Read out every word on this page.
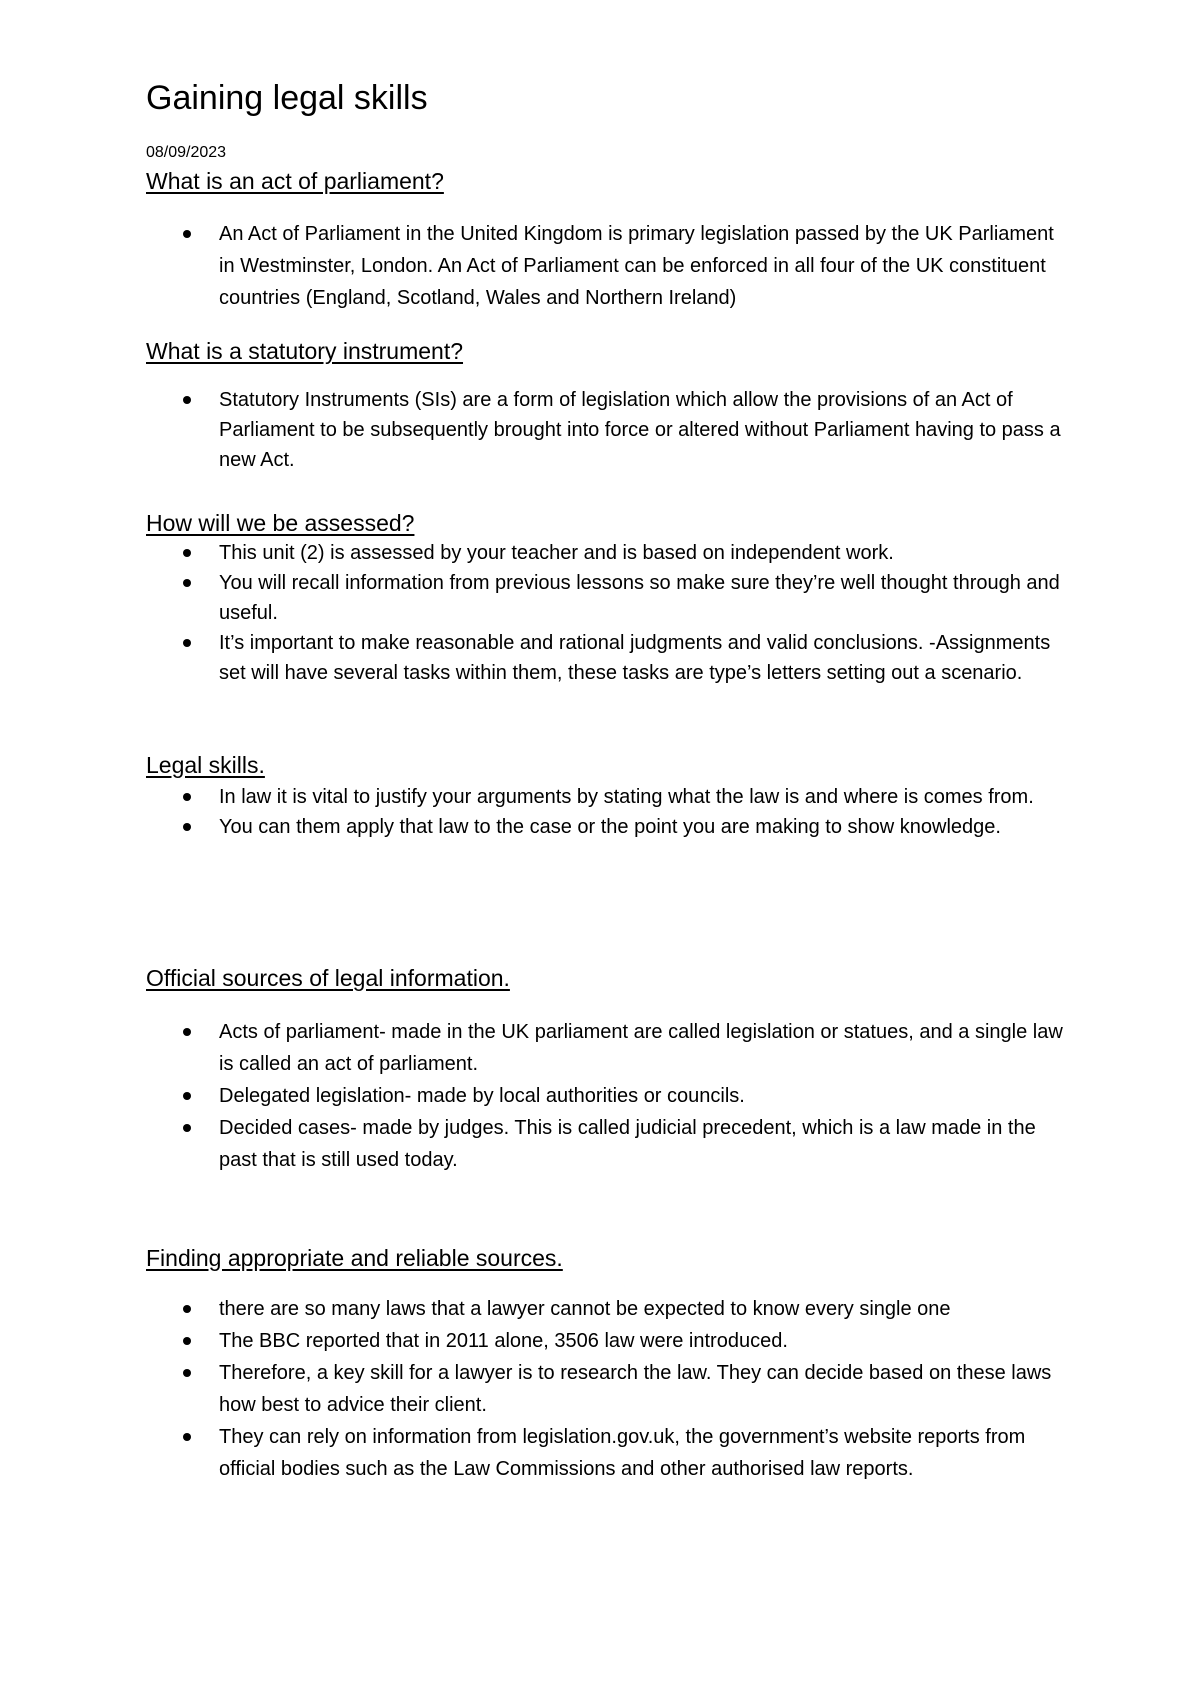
Gaining legal skills
08/09/2023
What is an act of parliament?
An Act of Parliament in the United Kingdom is primary legislation passed by the UK Parliament in Westminster, London. An Act of Parliament can be enforced in all four of the UK constituent countries (England, Scotland, Wales and Northern Ireland)
What is a statutory instrument?
Statutory Instruments (SIs) are a form of legislation which allow the provisions of an Act of Parliament to be subsequently brought into force or altered without Parliament having to pass a new Act.
How will we be assessed?
This unit (2) is assessed by your teacher and is based on independent work.
You will recall information from previous lessons so make sure they’re well thought through and useful.
It’s important to make reasonable and rational judgments and valid conclusions. -Assignments set will have several tasks within them, these tasks are type’s letters setting out a scenario.
Legal skills.
In law it is vital to justify your arguments by stating what the law is and where is comes from.
You can them apply that law to the case or the point you are making to show knowledge.
Official sources of legal information.
Acts of parliament- made in the UK parliament are called legislation or statues, and a single law is called an act of parliament.
Delegated legislation- made by local authorities or councils.
Decided cases- made by judges. This is called judicial precedent, which is a law made in the past that is still used today.
Finding appropriate and reliable sources.
there are so many laws that a lawyer cannot be expected to know every single one
The BBC reported that in 2011 alone, 3506 law were introduced.
Therefore, a key skill for a lawyer is to research the law. They can decide based on these laws how best to advice their client.
They can rely on information from legislation.gov.uk, the government’s website reports from official bodies such as the Law Commissions and other authorised law reports.
